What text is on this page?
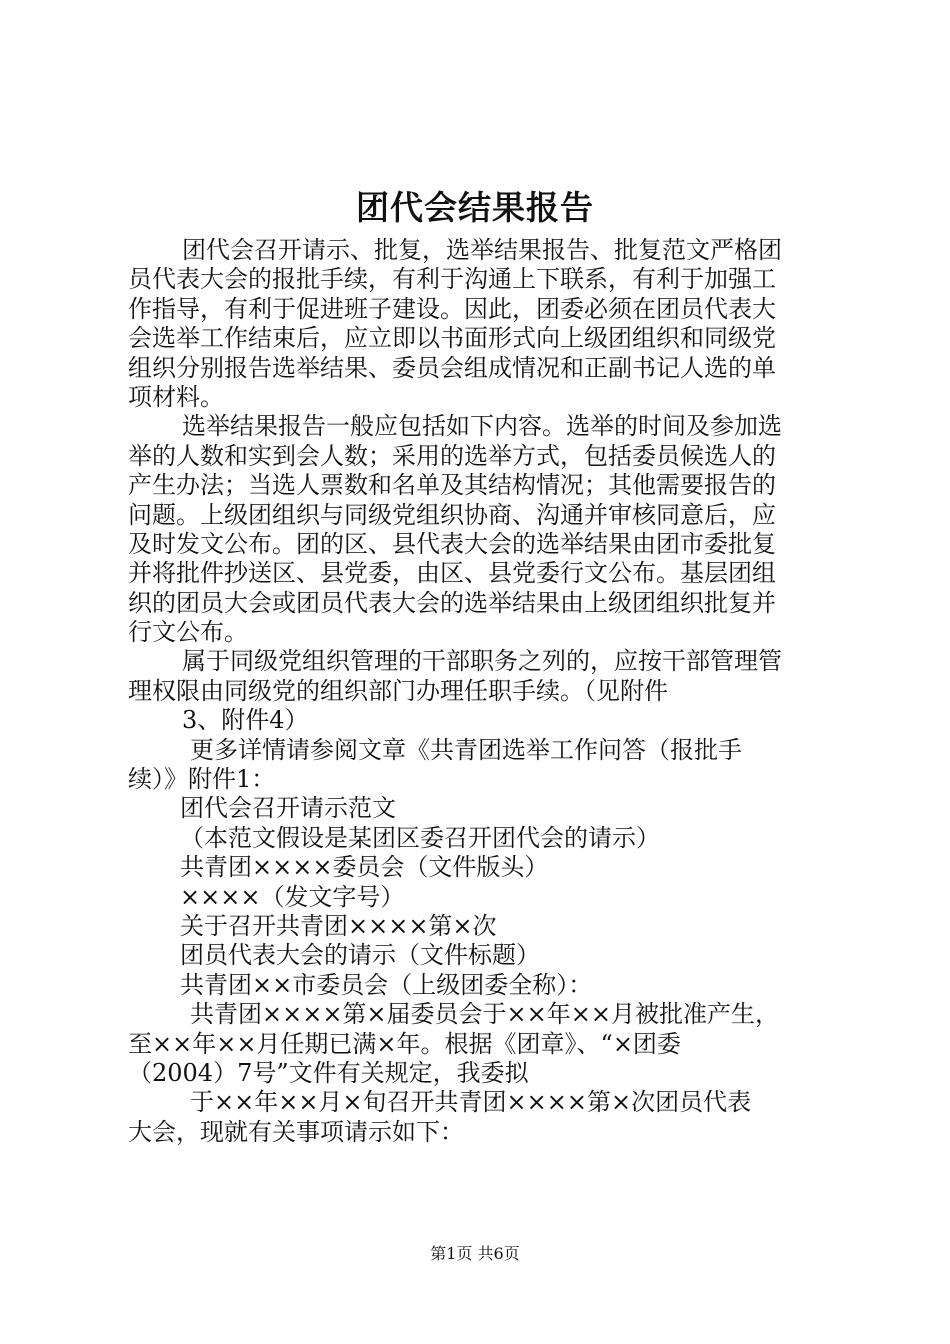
团代会结果报告
团代会召开请示、批复，选举结果报告、批复范文严格团
员代表大会的报批手续，有利于沟通上下联系，有利于加强工
作指导，有利于促进班子建设。因此，团委必须在团员代表大
会选举工作结束后，应立即以书面形式向上级团组织和同级党
组织分别报告选举结果、委员会组成情况和正副书记人选的单
项材料。
选举结果报告一般应包括如下内容。选举的时间及参加选
举的人数和实到会人数；采用的选举方式，包括委员候选人的
产生办法；当选人票数和名单及其结构情况；其他需要报告的
问题。上级团组织与同级党组织协商、沟通并审核同意后，应
及时发文公布。团的区、县代表大会的选举结果由团市委批复
并将批件抄送区、县党委，由区、县党委行文公布。基层团组
织的团员大会或团员代表大会的选举结果由上级团组织批复并
行文公布。
属于同级党组织管理的干部职务之列的，应按干部管理管
理权限由同级党的组织部门办理任职手续。（见附件
3、附件4）
更多详情请参阅文章《共青团选举工作问答（报批手
续）》附件1：
团代会召开请示范文
（本范文假设是某团区委召开团代会的请示）
共青团××××委员会（文件版头）
××××（发文字号）
关于召开共青团××××第×次
团员代表大会的请示（文件标题）
共青团××市委员会（上级团委全称）：
共青团××××第×届委员会于××年××月被批准产生，
至××年××月任期已满×年。根据《团章》、“×团委
（2004）7号”文件有关规定，我委拟
于××年××月×旬召开共青团××××第×次团员代表
大会，现就有关事项请示如下：
第1页 共6页
